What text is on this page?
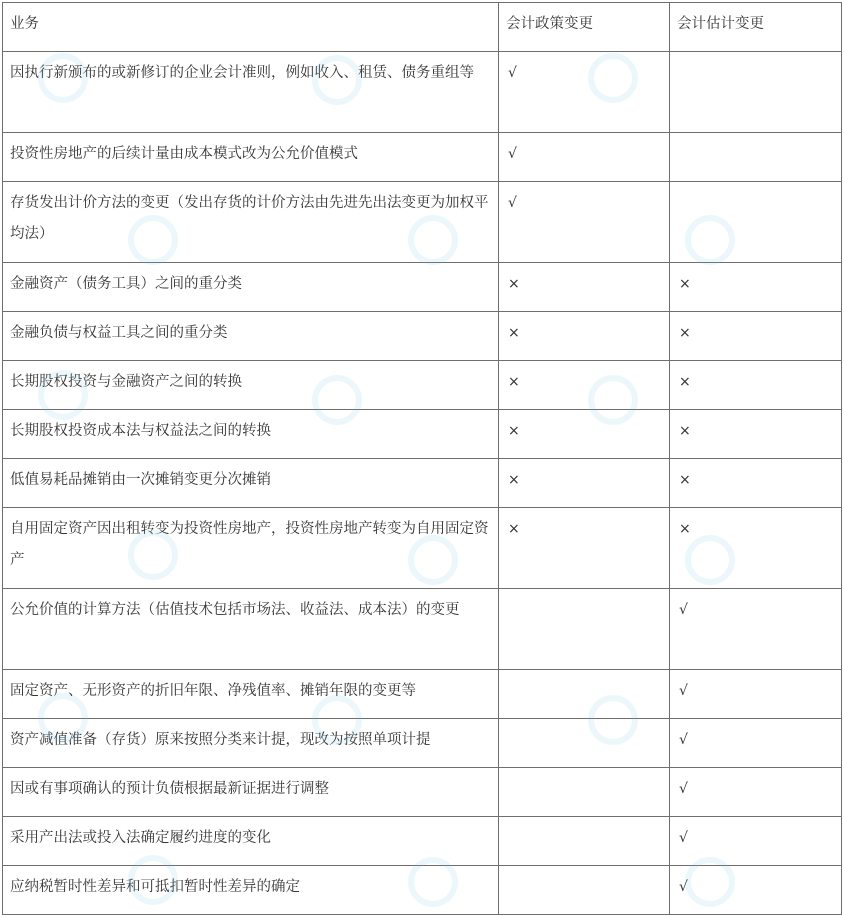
业务	会计政策变更	会计估计变更
因执行新颁布的或新修订的企业会计准则，例如收入、租赁、债务重组等	√	
投资性房地产的后续计量由成本模式改为公允价值模式	√	
存货发出计价方法的变更（发出存货的计价方法由先进先出法变更为加权平均法）	√	
金融资产（债务工具）之间的重分类	×	×
金融负债与权益工具之间的重分类	×	×
长期股权投资与金融资产之间的转换	×	×
长期股权投资成本法与权益法之间的转换	×	×
低值易耗品摊销由一次摊销变更分次摊销	×	×
自用固定资产因出租转变为投资性房地产，投资性房地产转变为自用固定资产	×	×
公允价值的计算方法（估值技术包括市场法、收益法、成本法）的变更		√
固定资产、无形资产的折旧年限、净残值率、摊销年限的变更等		√
资产减值准备（存货）原来按照分类来计提，现改为按照单项计提		√
因或有事项确认的预计负债根据最新证据进行调整		√
采用产出法或投入法确定履约进度的变化		√
应纳税暂时性差异和可抵扣暂时性差异的确定		√
